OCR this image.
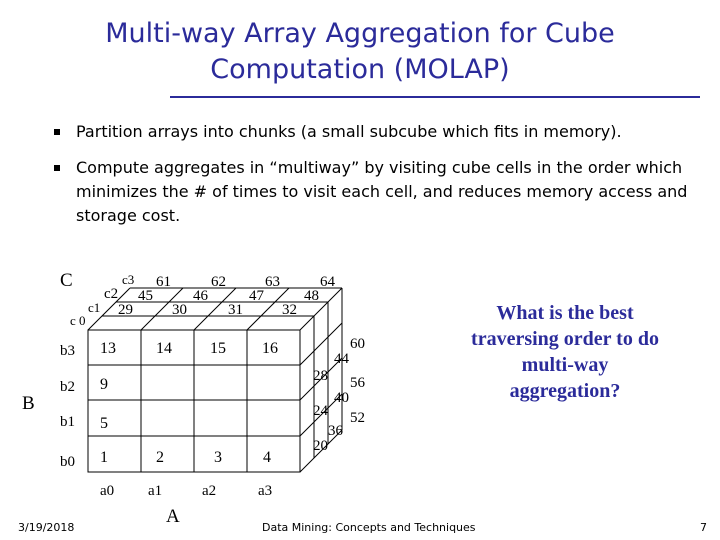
Multi-way Array Aggregation for Cube
Computation (MOLAP)
Partition arrays into chunks (a small subcube which fits in memory).
Compute aggregates in “multiway” by visiting cube cells in the order which minimizes the # of times to visit each cell, and reduces memory access and storage cost.
C
B
A
c 0
c1
c2
c3
b3
b2
b1
b0
a0 a1	a2	a3
13	14 15 16
9
5
1	2	3	4
29	30	31	32
45	46	47	48
61	62	63	64
28
24
20
44
40
36
60
56
52
What is the best traversing order to do multi-way aggregation?
3/19/2018	Data Mining: Concepts and Techniques	7
